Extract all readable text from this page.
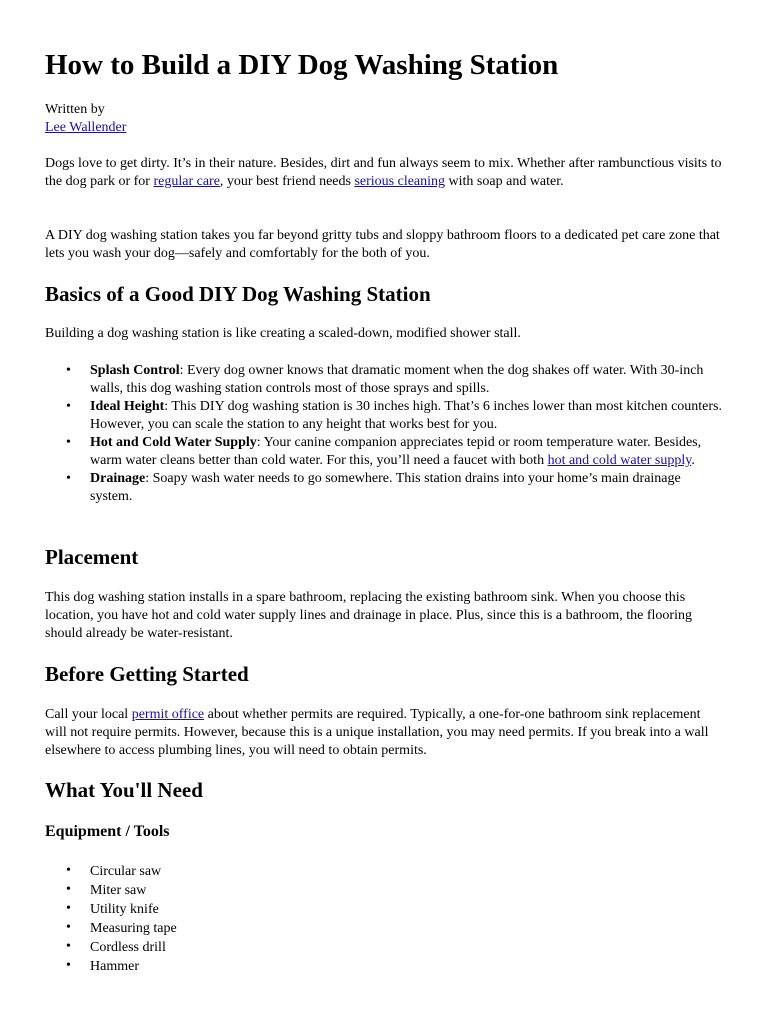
How to Build a DIY Dog Washing Station
Written by
Lee Wallender

Dogs love to get dirty. It’s in their nature. Besides, dirt and fun always seem to mix. Whether after rambunctious visits to the dog park or for regular care, your best friend needs serious cleaning with soap and water.

A DIY dog washing station takes you far beyond gritty tubs and sloppy bathroom floors to a dedicated pet care zone that lets you wash your dog—safely and comfortably for the both of you.

Basics of a Good DIY Dog Washing Station

Building a dog washing station is like creating a scaled-down, modified shower stall.

• Splash Control: Every dog owner knows that dramatic moment when the dog shakes off water. With 30-inch walls, this dog washing station controls most of those sprays and spills.
• Ideal Height: This DIY dog washing station is 30 inches high. That’s 6 inches lower than most kitchen counters. However, you can scale the station to any height that works best for you.
• Hot and Cold Water Supply: Your canine companion appreciates tepid or room temperature water. Besides, warm water cleans better than cold water. For this, you’ll need a faucet with both hot and cold water supply.
• Drainage: Soapy wash water needs to go somewhere. This station drains into your home’s main drainage system.
Placement

This dog washing station installs in a spare bathroom, replacing the existing bathroom sink. When you choose this location, you have hot and cold water supply lines and drainage in place. Plus, since this is a bathroom, the flooring should already be water-resistant.

Before Getting Started

Call your local permit office about whether permits are required. Typically, a one-for-one bathroom sink replacement will not require permits. However, because this is a unique installation, you may need permits. If you break into a wall elsewhere to access plumbing lines, you will need to obtain permits.

What You'll Need
Equipment / Tools
• Circular saw
• Miter saw
• Utility knife
• Measuring tape
• Cordless drill
• Hammer
